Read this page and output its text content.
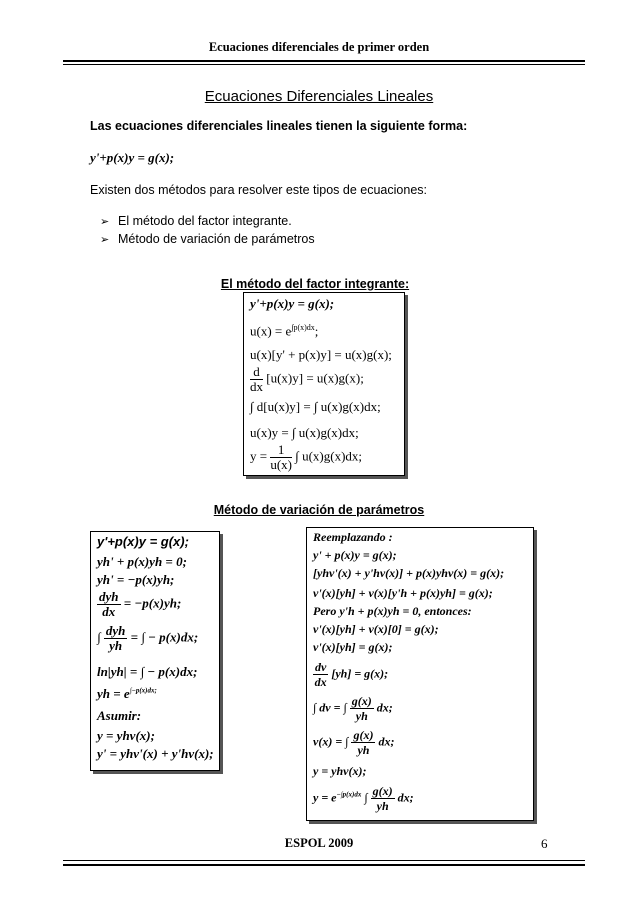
Ecuaciones diferenciales de primer orden
Ecuaciones Diferenciales Lineales
Las ecuaciones diferenciales lineales tienen la siguiente forma:
y'+p(x)y = g(x);
Existen dos métodos para resolver este tipos de ecuaciones:
➢ El método del factor integrante.
➢ Método de variación de parámetros
El método del factor integrante:
y'+p(x)y = g(x);
$u(x) = e^{\int p(x)dx}$;
u(x)[y' + p(x)y] = u(x)g(x);
$\frac{d}{dx} [u(x)y] = u(x)g(x)$;
∫ d[u(x)y] = ∫ u(x)g(x)dx;
u(x)y = ∫ u(x)g(x)dx;
$y = \frac{1}{u(x)}$ ∫ u(x)g(x)dx;
Método de variación de parámetros
y'+p(x)y = g(x);
yh' + p(x)yh = 0;
yh' = −p(x)yh;
$\frac{\text{dyh}}{dx} = -p(x)yh$;
∫ $\frac{\text{dyh}}{yh}$ = ∫ − p(x)dx;
ln|yh| = ∫ − p(x)dx;
yh = $e^{\int-p(x)dx;}$
Asumir:
y = yhv(x);
y' = yhv'(x) + y'hv(x);
Reemplazando :
y' + p(x)y = g(x);
[yhv'(x) + y'hv(x)] + p(x)yhv(x) = g(x);
v'(x)[yh] + v(x)[y'h + p(x)yh] = g(x);
Pero y'h + p(x)yh = 0, entonces:
v'(x)[yh] + v(x)[0] = g(x);
v'(x)[yh] = g(x);
$\frac{dv}{dx} [yh] = g(x)$;
∫ dv = ∫ $\frac{g(x)}{yh}$ dx;
v(x) = ∫ $\frac{g(x)}{yh}$ dx;
y = yhv(x);
$y = e^{-\int p(x)dx}$ ∫ $\frac{g(x)}{yh}$ dx;
ESPOL 2009	6
